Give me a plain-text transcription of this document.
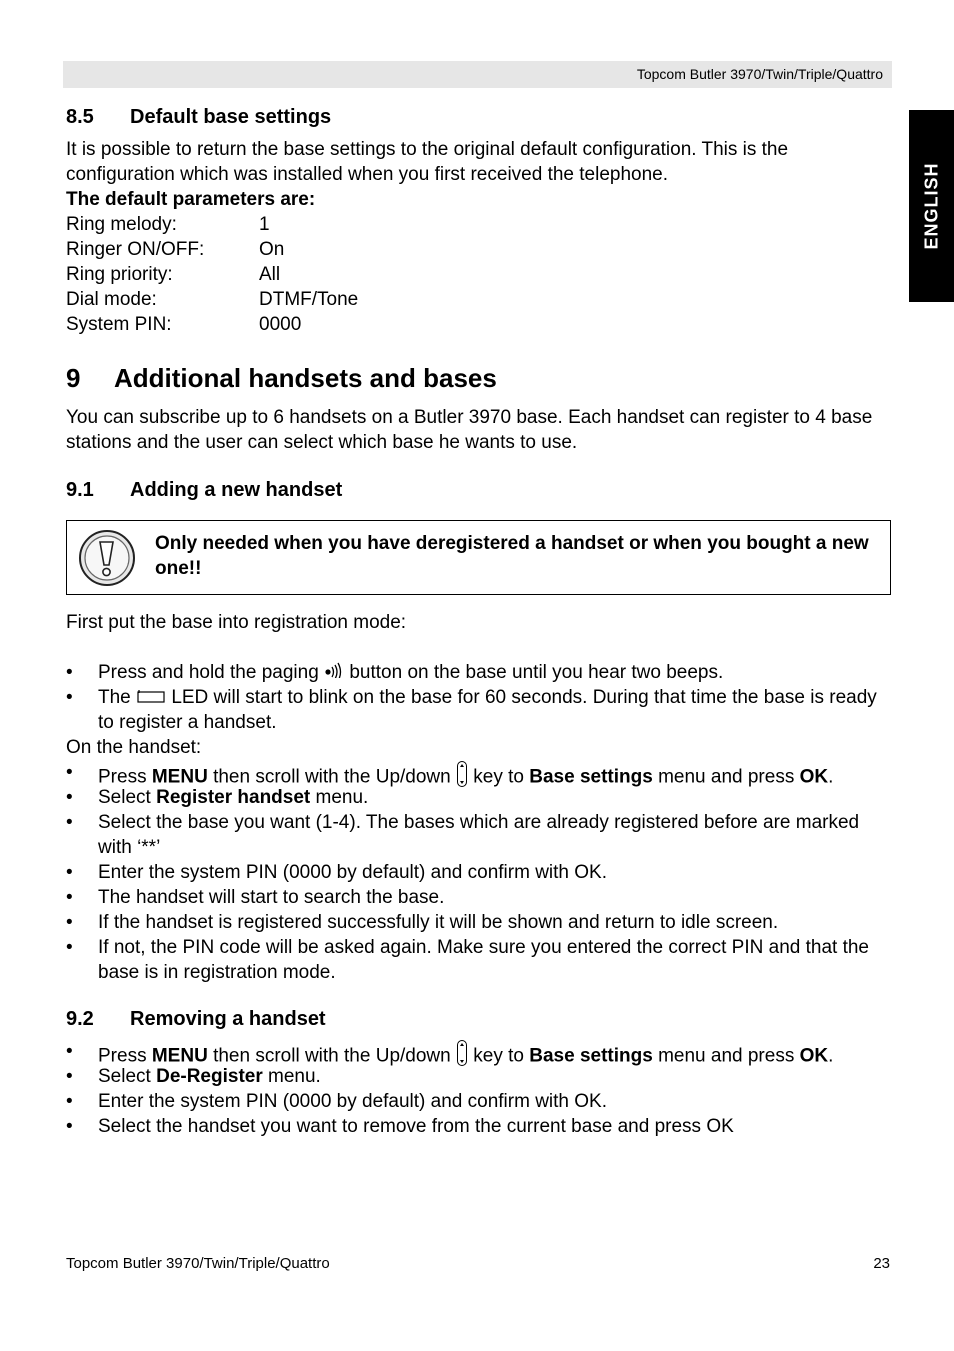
Topcom Butler 3970/Twin/Triple/Quattro
ENGLISH
8.5 Default base settings
It is possible to return the base settings to the original default configuration. This is the configuration which was installed when you first received the telephone.
The default parameters are:
Ring melody:	1
Ringer ON/OFF:	On
Ring priority:	All
Dial mode:	DTMF/Tone
System PIN:	0000
9 Additional handsets and bases
You can subscribe up to 6 handsets on a Butler 3970 base. Each handset can register to 4 base stations and the user can select which base he wants to use.
9.1 Adding a new handset
Only needed when you have deregistered a handset or when you bought a new one!!
First put the base into registration mode:
• Press and hold the paging button on the base until you hear two beeps.
• The LED will start to blink on the base for 60 seconds. During that time the base is ready to register a handset.
On the handset:
• Press MENU then scroll with the Up/down  key to Base settings menu and press OK.
• Select Register handset menu.
• Select the base you want (1-4). The bases which are already registered before are marked with ‘**’
• Enter the system PIN (0000 by default) and confirm with OK.
• The handset will start to search the base.
• If the handset is registered successfully it will be shown and return to idle screen.
• If not, the PIN code will be asked again. Make sure you entered the correct PIN and that the base is in registration mode.
9.2 Removing a handset
• Press MENU then scroll with the Up/down  key to Base settings menu and press OK.
• Select De-Register menu.
• Enter the system PIN (0000 by default) and confirm with OK.
• Select the handset you want to remove from the current base and press OK
Topcom Butler 3970/Twin/Triple/Quattro	23
